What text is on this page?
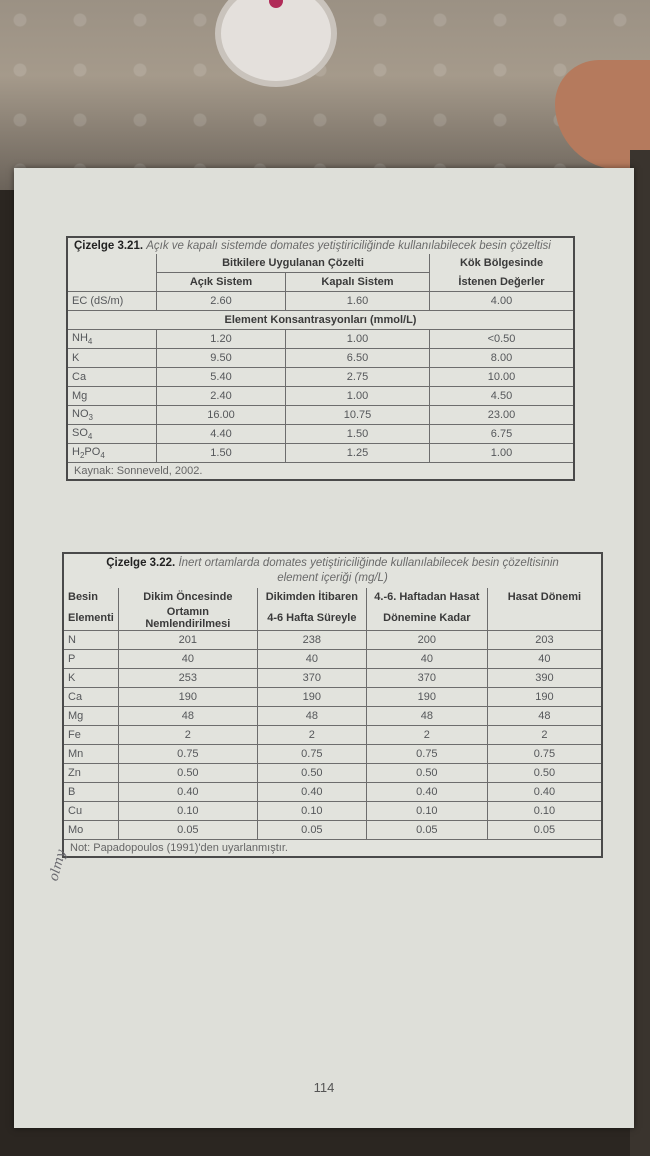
Çizelge 3.21. Açık ve kapalı sistemde domates yetiştiriciliğinde kullanılabilecek besin çözeltisi
	Bitkilere Uygulanan Çözelti		Kök Bölgesinde
	Açık Sistem	Kapalı Sistem	İstenen Değerler
EC (dS/m)	2.60	1.60	4.00
Element Konsantrasyonları (mmol/L)			
$NH_4$	1.20	1.00	<0.50
K	9.50	6.50	8.00
Ca	5.40	2.75	10.00
Mg	2.40	1.00	4.50
$NO_3$	16.00	10.75	23.00
$SO_4$	4.40	1.50	6.75
$H_2PO_4$	1.50	1.25	1.00
Kaynak: Sonneveld, 2002.
Çizelge 3.22. İnert ortamlarda domates yetiştiriciliğinde kullanılabilecek besin çözeltisinin
element içeriği (mg/L)
Besin	Dikim Öncesinde	Dikimden İtibaren	4.-6. Haftadan Hasat	Hasat Dönemi
Elementi	Ortamın Nemlendirilmesi	4-6 Hafta Süreyle	Dönemine Kadar	
N	201	238	200	203
P	40	40	40	40
K	253	370	370	390
Ca	190	190	190	190
Mg	48	48	48	48
Fe	2	2	2	2
Mn	0.75	0.75	0.75	0.75
Zn	0.50	0.50	0.50	0.50
B	0.40	0.40	0.40	0.40
Cu	0.10	0.10	0.10	0.10
Mo	0.05	0.05	0.05	0.05
Not: Papadopoulos (1991)'den uyarlanmıştır.
olmy
114
